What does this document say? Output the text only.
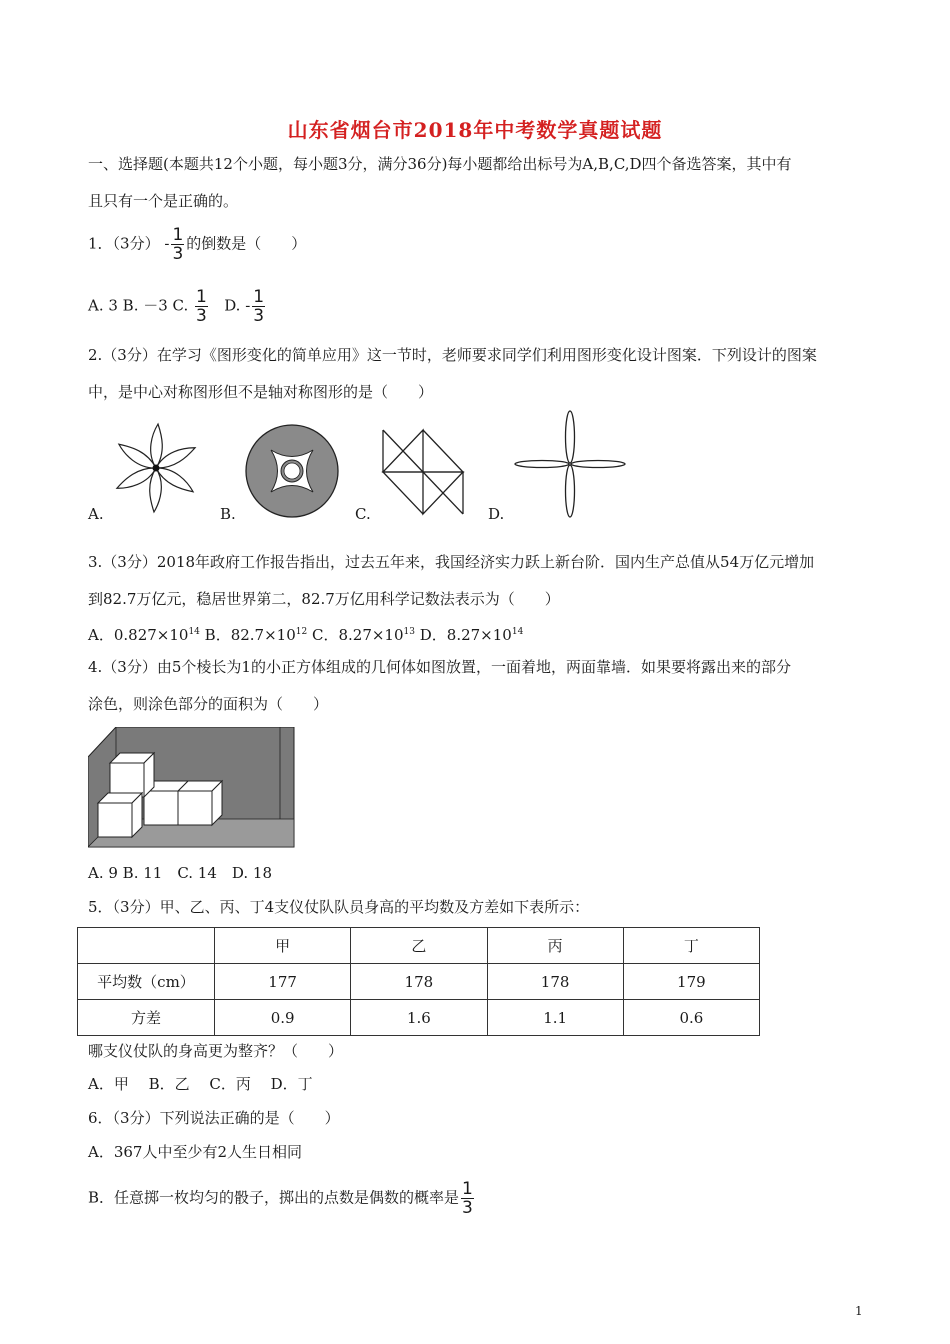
山东省烟台市2018年中考数学真题试题
一、选择题(本题共12个小题，每小题3分，满分36分)每小题都给出标号为A,B,C,D四个备选答案，其中有
且只有一个是正确的。
1．（3分） - $\frac{1}{3}$ 的倒数是（　　）
A. 3 B. －3 C. $\frac{1}{3} D$. - $\frac{1}{3}$
2.（3分）在学习《图形变化的简单应用》这一节时，老师要求同学们利用图形变化设计图案．下列设计的图案
中，是中心对称图形但不是轴对称图形的是（　　）
A.	B.	C.	D.
3.（3分）2018年政府工作报告指出，过去五年来，我国经济实力跃上新台阶．国内生产总值从54万亿元增加
到82.7万亿元，稳居世界第二，82.7万亿用科学记数法表示为（　　）
A．$0.827\times 10^{14}$ B．$82.7\times 10^{12}$ C．$8.27\times 10^{13}$ D．$8.27\times 10^{14}$
4.（3分）由5个棱长为1的小正方体组成的几何体如图放置，一面着地，两面靠墙．如果要将露出来的部分
涂色，则涂色部分的面积为（　　）
A. 9 B. 11　C. 14　D. 18
5．（3分）甲、乙、丙、丁4支仪仗队队员身高的平均数及方差如下表所示：
	甲	乙	丙	丁
平均数（cm）	177	178	178	179
方差	0.9	1.6	1.1	0.6
哪支仪仗队的身高更为整齐？（　　）
A．甲　 B．乙　 C．丙　 D．丁
6．（3分）下列说法正确的是（　　）
A．367人中至少有2人生日相同
B．任意掷一枚均匀的骰子，掷出的点数是偶数的概率是 $\frac{1}{3}$
1
